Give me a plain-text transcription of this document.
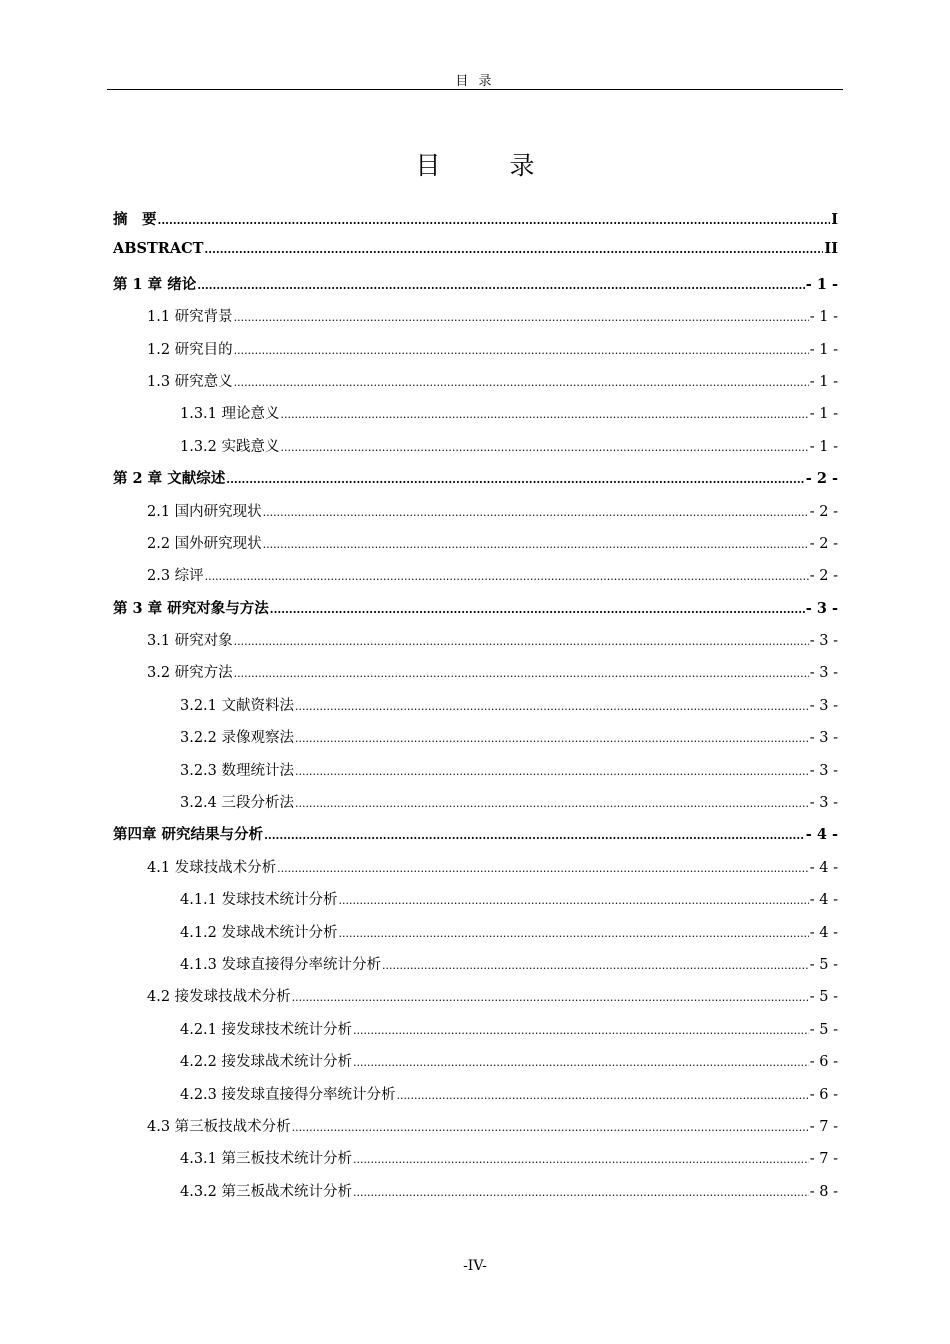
目 录
目　录
摘　要 .....	I
ABSTRACT .....	II
第 1 章 绪论 .....	- 1 -
1.1 研究背景 .....	- 1 -
1.2 研究目的 .....	- 1 -
1.3 研究意义 .....	- 1 -
1.3.1 理论意义 .....	- 1 -
1.3.2 实践意义 .....	- 1 -
第 2 章 文献综述 .....	- 2 -
2.1 国内研究现状 .....	- 2 -
2.2 国外研究现状 .....	- 2 -
2.3 综评 .....	- 2 -
第 3 章 研究对象与方法 .....	- 3 -
3.1 研究对象 .....	- 3 -
3.2 研究方法 .....	- 3 -
3.2.1 文献资料法 .....	- 3 -
3.2.2 录像观察法 .....	- 3 -
3.2.3 数理统计法 .....	- 3 -
3.2.4 三段分析法 .....	- 3 -
第四章 研究结果与分析 .....	- 4 -
4.1 发球技战术分析 .....	- 4 -
4.1.1 发球技术统计分析 .....	- 4 -
4.1.2 发球战术统计分析 .....	- 4 -
4.1.3 发球直接得分率统计分析 .....	- 5 -
4.2 接发球技战术分析 .....	- 5 -
4.2.1 接发球技术统计分析 .....	- 5 -
4.2.2 接发球战术统计分析 .....	- 6 -
4.2.3 接发球直接得分率统计分析 .....	- 6 -
4.3 第三板技战术分析 .....	- 7 -
4.3.1 第三板技术统计分析 .....	- 7 -
4.3.2 第三板战术统计分析 .....	- 8 -
-IV-
